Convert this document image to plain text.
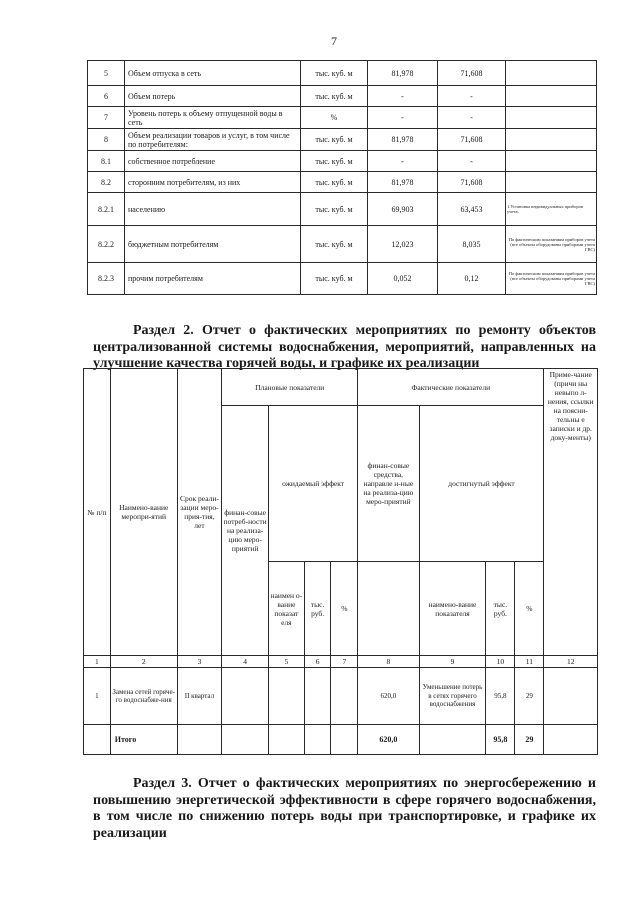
7
5	Объем отпуска в сеть	тыс. куб. м	81,978	71,608	
6	Объем потерь	тыс. куб. м	-	-	
7	Уровень потерь к объему отпущенной воды в сеть	%	-	-	
8	Объем реализации товаров и услуг, в том числе по потребителям:	тыс. куб. м	81,978	71,608	
8.1	собственное потребление	тыс. куб. м	-	-	
8.2	сторонним потребителям, из них	тыс. куб. м	81,978	71,608	
8.2.1	населению	тыс. куб. м	69,903	63,453	1.Установка индивидуальных приборов учета;
8.2.2	бюджетным потребителям	тыс. куб. м	12,023	8,035	По фактическим показаниям приборов учета (все объекты оборудованы приборами учета ГВС)
8.2.3	прочим потребителям	тыс. куб. м	0,052	0,12	По фактическим показаниям приборов учета (все объекты оборудованы приборами учета ГВС)
Раздел 2. Отчет о фактических мероприятиях по ремонту объектов централизованной системы водоснабжения, мероприятий, направленных на улучшение качества горячей воды, и графике их реализации
№ п/п	Наимено-вание меропри-ятий	Срок реали-зации меро-прия-тия, лет	Плановые показатели				Фактические показатели				Приме-чание (причи ны невыпо л-нения, ссылки на поясни-тельны е записки и др. доку-менты)
			финан-совые потреб-ности на реализа-цию меро-приятий	ожидаемый эффект			финан-совые средства, направле н-ные на реализа-цию меро-приятий	достигнутый эффект			

				наимен о-вание показат еля	тыс. руб.	%		наимено-вание показателя	тыс. руб.	%	
1	2	3	4	5	6	7	8	9	10	11	12
1	Замена сетей горяче-го водоснабже-ния	II квартал					620,0	Уменьшение потерь в сетях горячего водоснабжения	95,8	29	
	Итого						620,0		95,8	29	
Раздел 3. Отчет о фактических мероприятиях по энергосбережению и повышению энергетической эффективности в сфере горячего водоснабжения, в том числе по снижению потерь воды при транспортировке, и графике их реализации
